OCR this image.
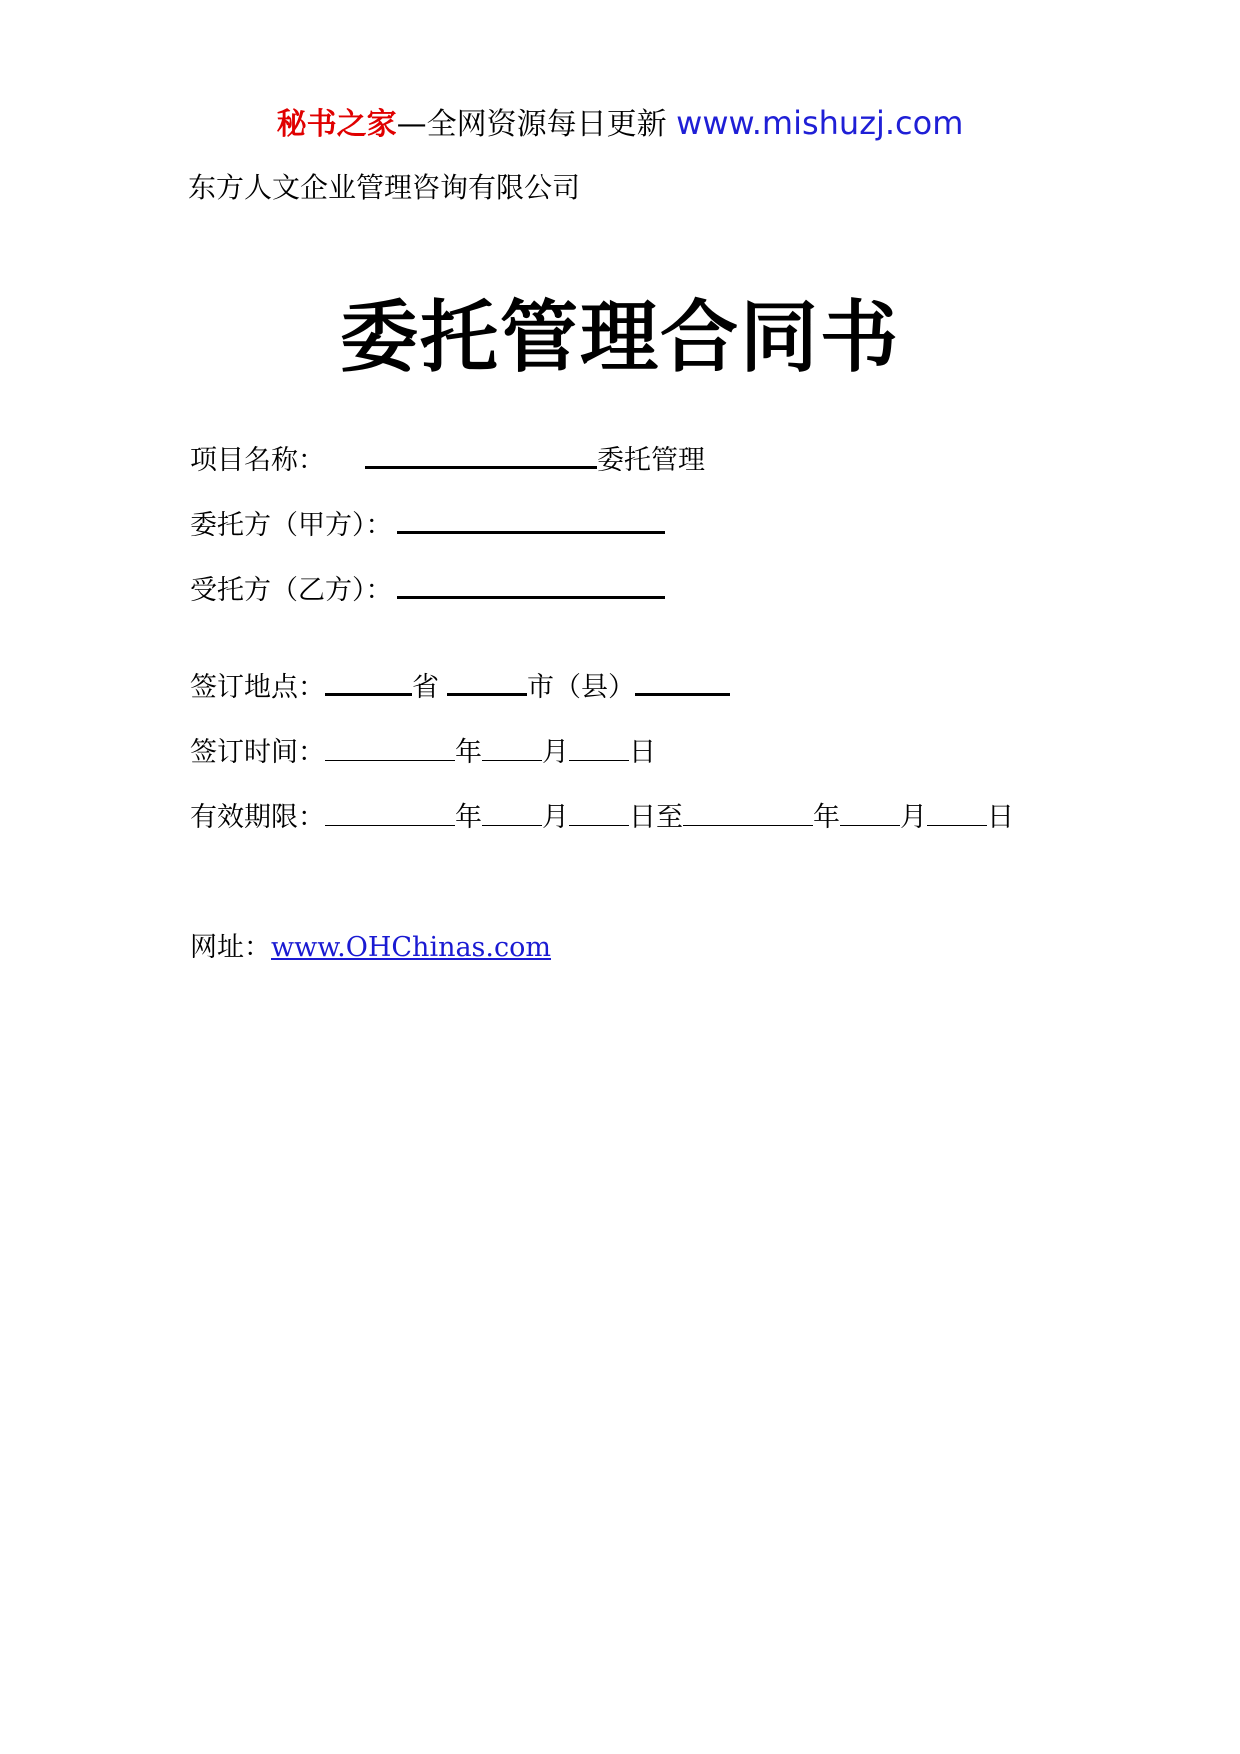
秘书之家—全网资源每日更新 www.mishuzj.com
东方人文企业管理咨询有限公司
委托管理合同书
项目名称：	委托管理
委托方（甲方）：
受托方（乙方）：
签订地点：	省	市（县）
签订时间：	年 月 日
有效期限：	年 月 日至	年 月 日
网址：www.OHChinas.com
